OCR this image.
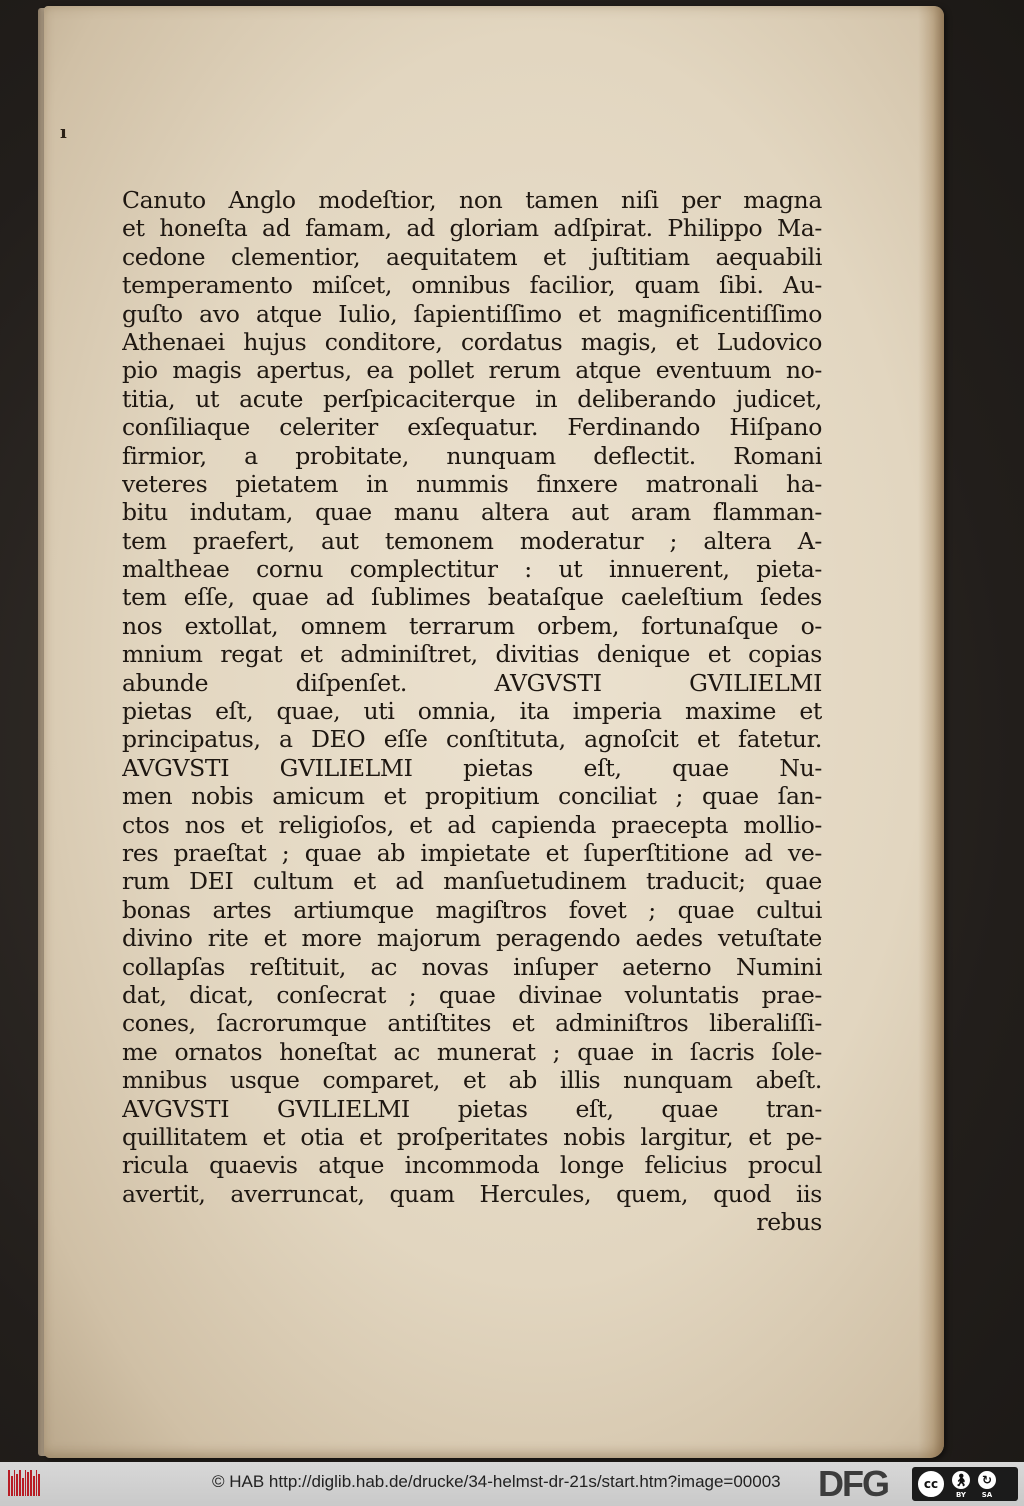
ı
Canuto Anglo modeſtior, non tamen niſi per magna
et honeſta ad famam, ad gloriam adſpirat. Philippo Ma-
cedone clementior, aequitatem et juſtitiam aequabili
temperamento miſcet, omnibus facilior, quam ſibi. Au-
guſto avo atque Iulio, ſapientiſſimo et magnificentiſſimo
Athenaei hujus conditore, cordatus magis, et Ludovico
pio magis apertus, ea pollet rerum atque eventuum no-
titia, ut acute perſpicaciterque in deliberando judicet,
conſiliaque celeriter exſequatur. Ferdinando Hiſpano
firmior, a probitate, nunquam deflectit. Romani
veteres pietatem in nummis finxere matronali ha-
bitu indutam, quae manu altera aut aram flamman-
tem praefert, aut temonem moderatur ; altera A-
maltheae cornu complectitur : ut innuerent, pieta-
tem eſſe, quae ad ſublimes beataſque caeleſtium ſedes
nos extollat, omnem terrarum orbem, fortunaſque o-
mnium regat et adminiſtret, divitias denique et copias
abunde diſpenſet. AVGVSTI GVILIELMI
pietas eſt, quae, uti omnia, ita imperia maxime et
principatus, a DEO eſſe conſtituta, agnoſcit et fatetur.
AVGVSTI GVILIELMI pietas eſt, quae Nu-
men nobis amicum et propitium conciliat ; quae ſan-
ctos nos et religioſos, et ad capienda praecepta mollio-
res praeſtat ; quae ab impietate et ſuperſtitione ad ve-
rum DEI cultum et ad manſuetudinem traducit; quae
bonas artes artiumque magiſtros fovet ; quae cultui
divino rite et more majorum peragendo aedes vetuſtate
collapſas reſtituit, ac novas inſuper aeterno Numini
dat, dicat, conſecrat ; quae divinae voluntatis prae-
cones, ſacrorumque antiſtites et adminiſtros liberaliſſi-
me ornatos honeſtat ac munerat ; quae in ſacris ſole-
mnibus usque comparet, et ab illis nunquam abeſt.
AVGVSTI GVILIELMI pietas eſt, quae tran-
quillitatem et otia et proſperitates nobis largitur, et pe-
ricula quaevis atque incommoda longe felicius procul
avertit, averruncat, quam Hercules, quem, quod iis
rebus
© HAB http://diglib.hab.de/drucke/34-helmst-dr-21s/start.htm?image=00003 DFG	cc	🚶︎
BY
↻
SA
